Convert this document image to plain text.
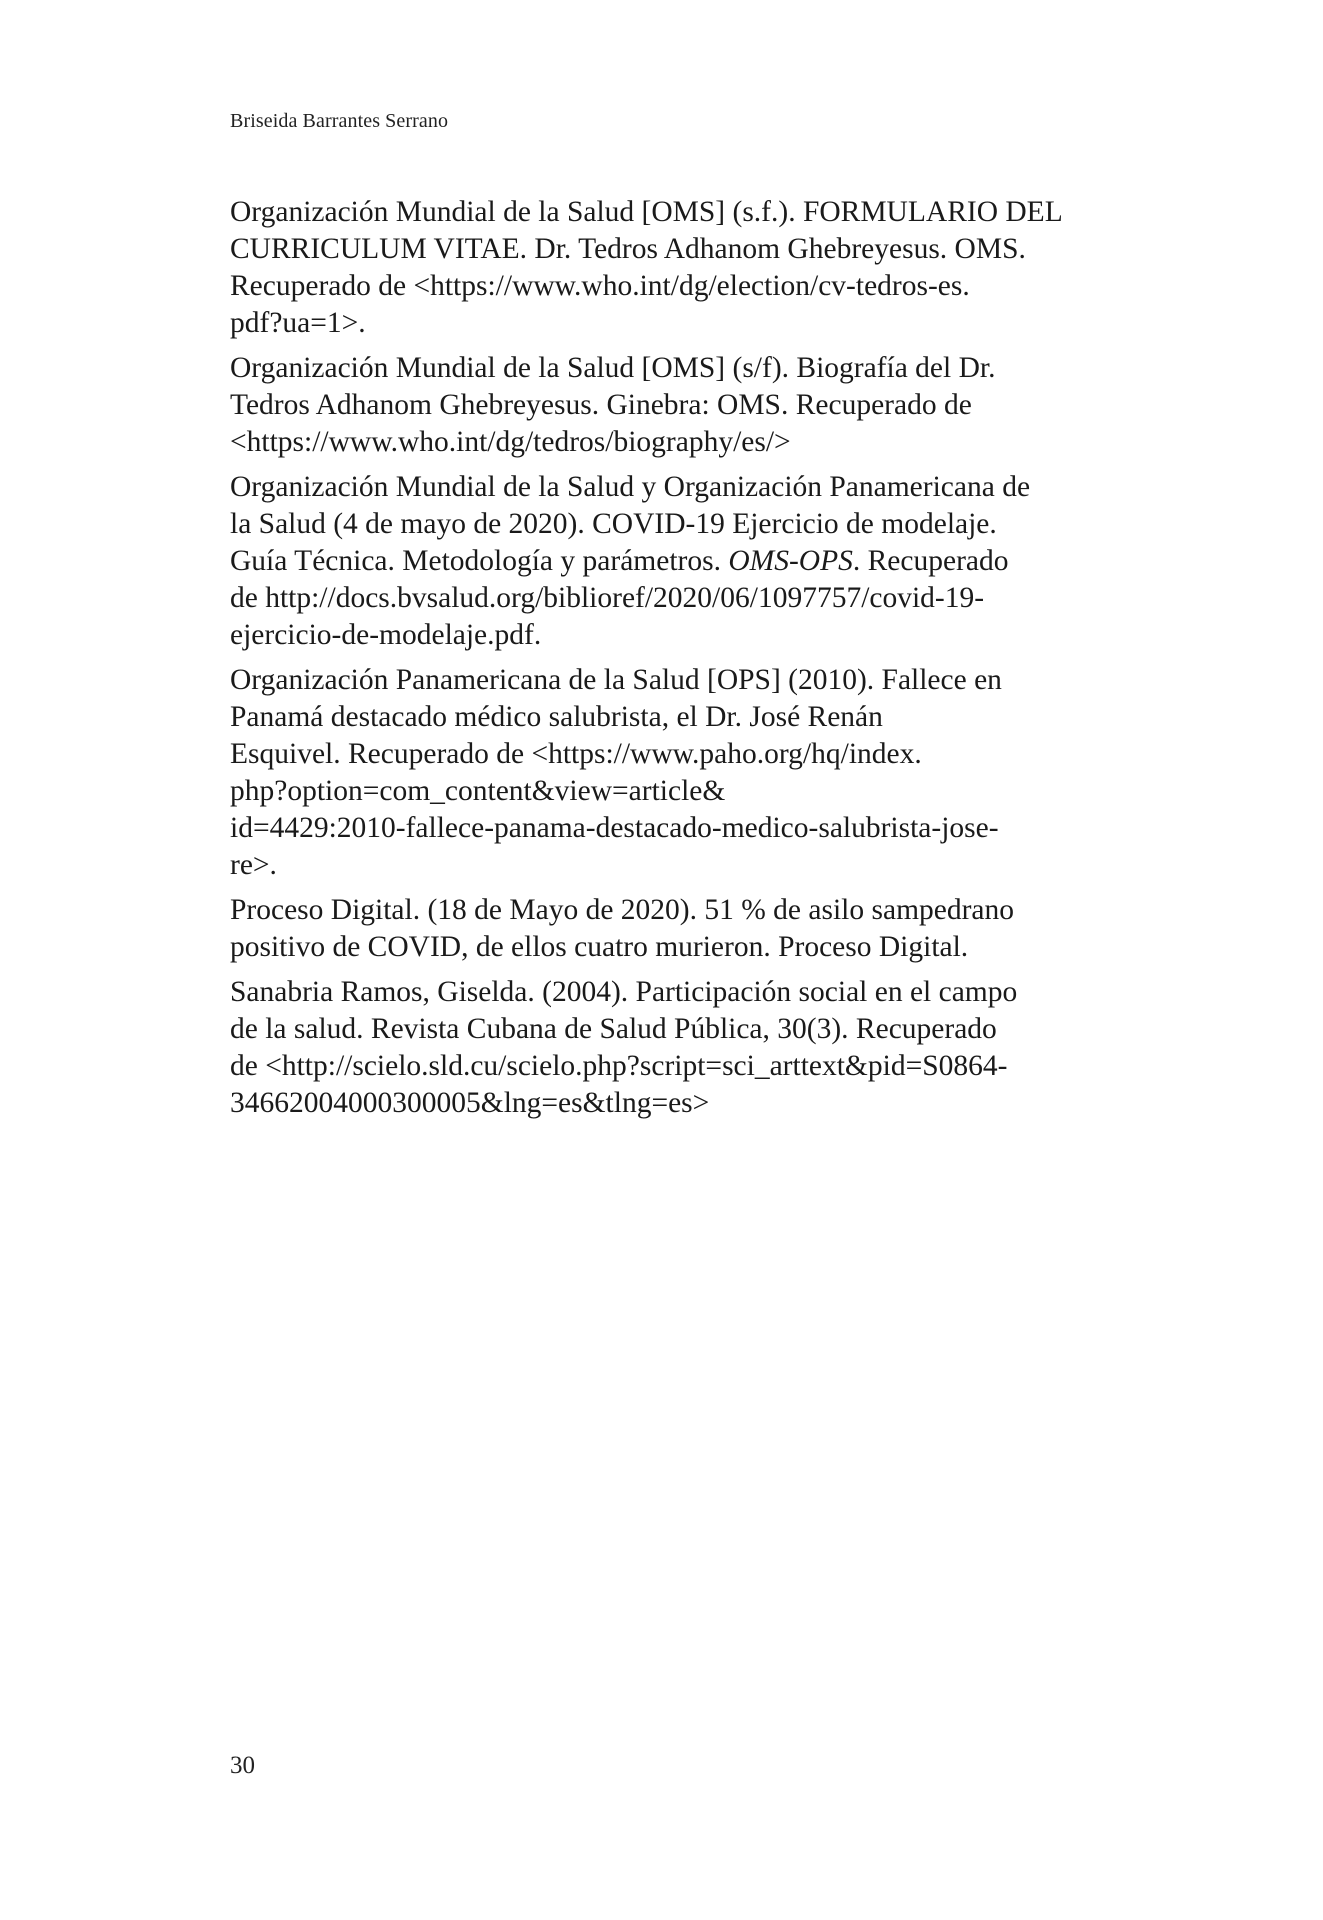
Briseida Barrantes Serrano

Organización Mundial de la Salud [OMS] (s.f.). FORMULARIO DEL
CURRICULUM VITAE. Dr. Tedros Adhanom Ghebreyesus. OMS.
Recuperado de <https://www.who.int/dg/election/cv-tedros-es.
pdf?ua=1>.

Organización Mundial de la Salud [OMS] (s/f). Biografía del Dr.
Tedros Adhanom Ghebreyesus. Ginebra: OMS. Recuperado de
<https://www.who.int/dg/tedros/biography/es/>

Organización Mundial de la Salud y Organización Panamericana de
la Salud (4 de mayo de 2020). COVID-19 Ejercicio de modelaje.
Guía Técnica. Metodología y parámetros. OMS-OPS. Recuperado
de http://docs.bvsalud.org/biblioref/2020/06/1097757/covid-19-
ejercicio-de-modelaje.pdf.

Organización Panamericana de la Salud [OPS] (2010). Fallece en
Panamá destacado médico salubrista, el Dr. José Renán
Esquivel. Recuperado de <https://www.paho.org/hq/index.
php?option=com_content&view=article&
id=4429:2010-fallece-panama-destacado-medico-salubrista-jose-
re>.

Proceso Digital. (18 de Mayo de 2020). 51 % de asilo sampedrano
positivo de COVID, de ellos cuatro murieron. Proceso Digital.

Sanabria Ramos, Giselda. (2004). Participación social en el campo
de la salud. Revista Cubana de Salud Pública, 30(3). Recuperado
de <http://scielo.sld.cu/scielo.php?script=sci_arttext&pid=S0864-
34662004000300005&lng=es&tlng=es>

30
